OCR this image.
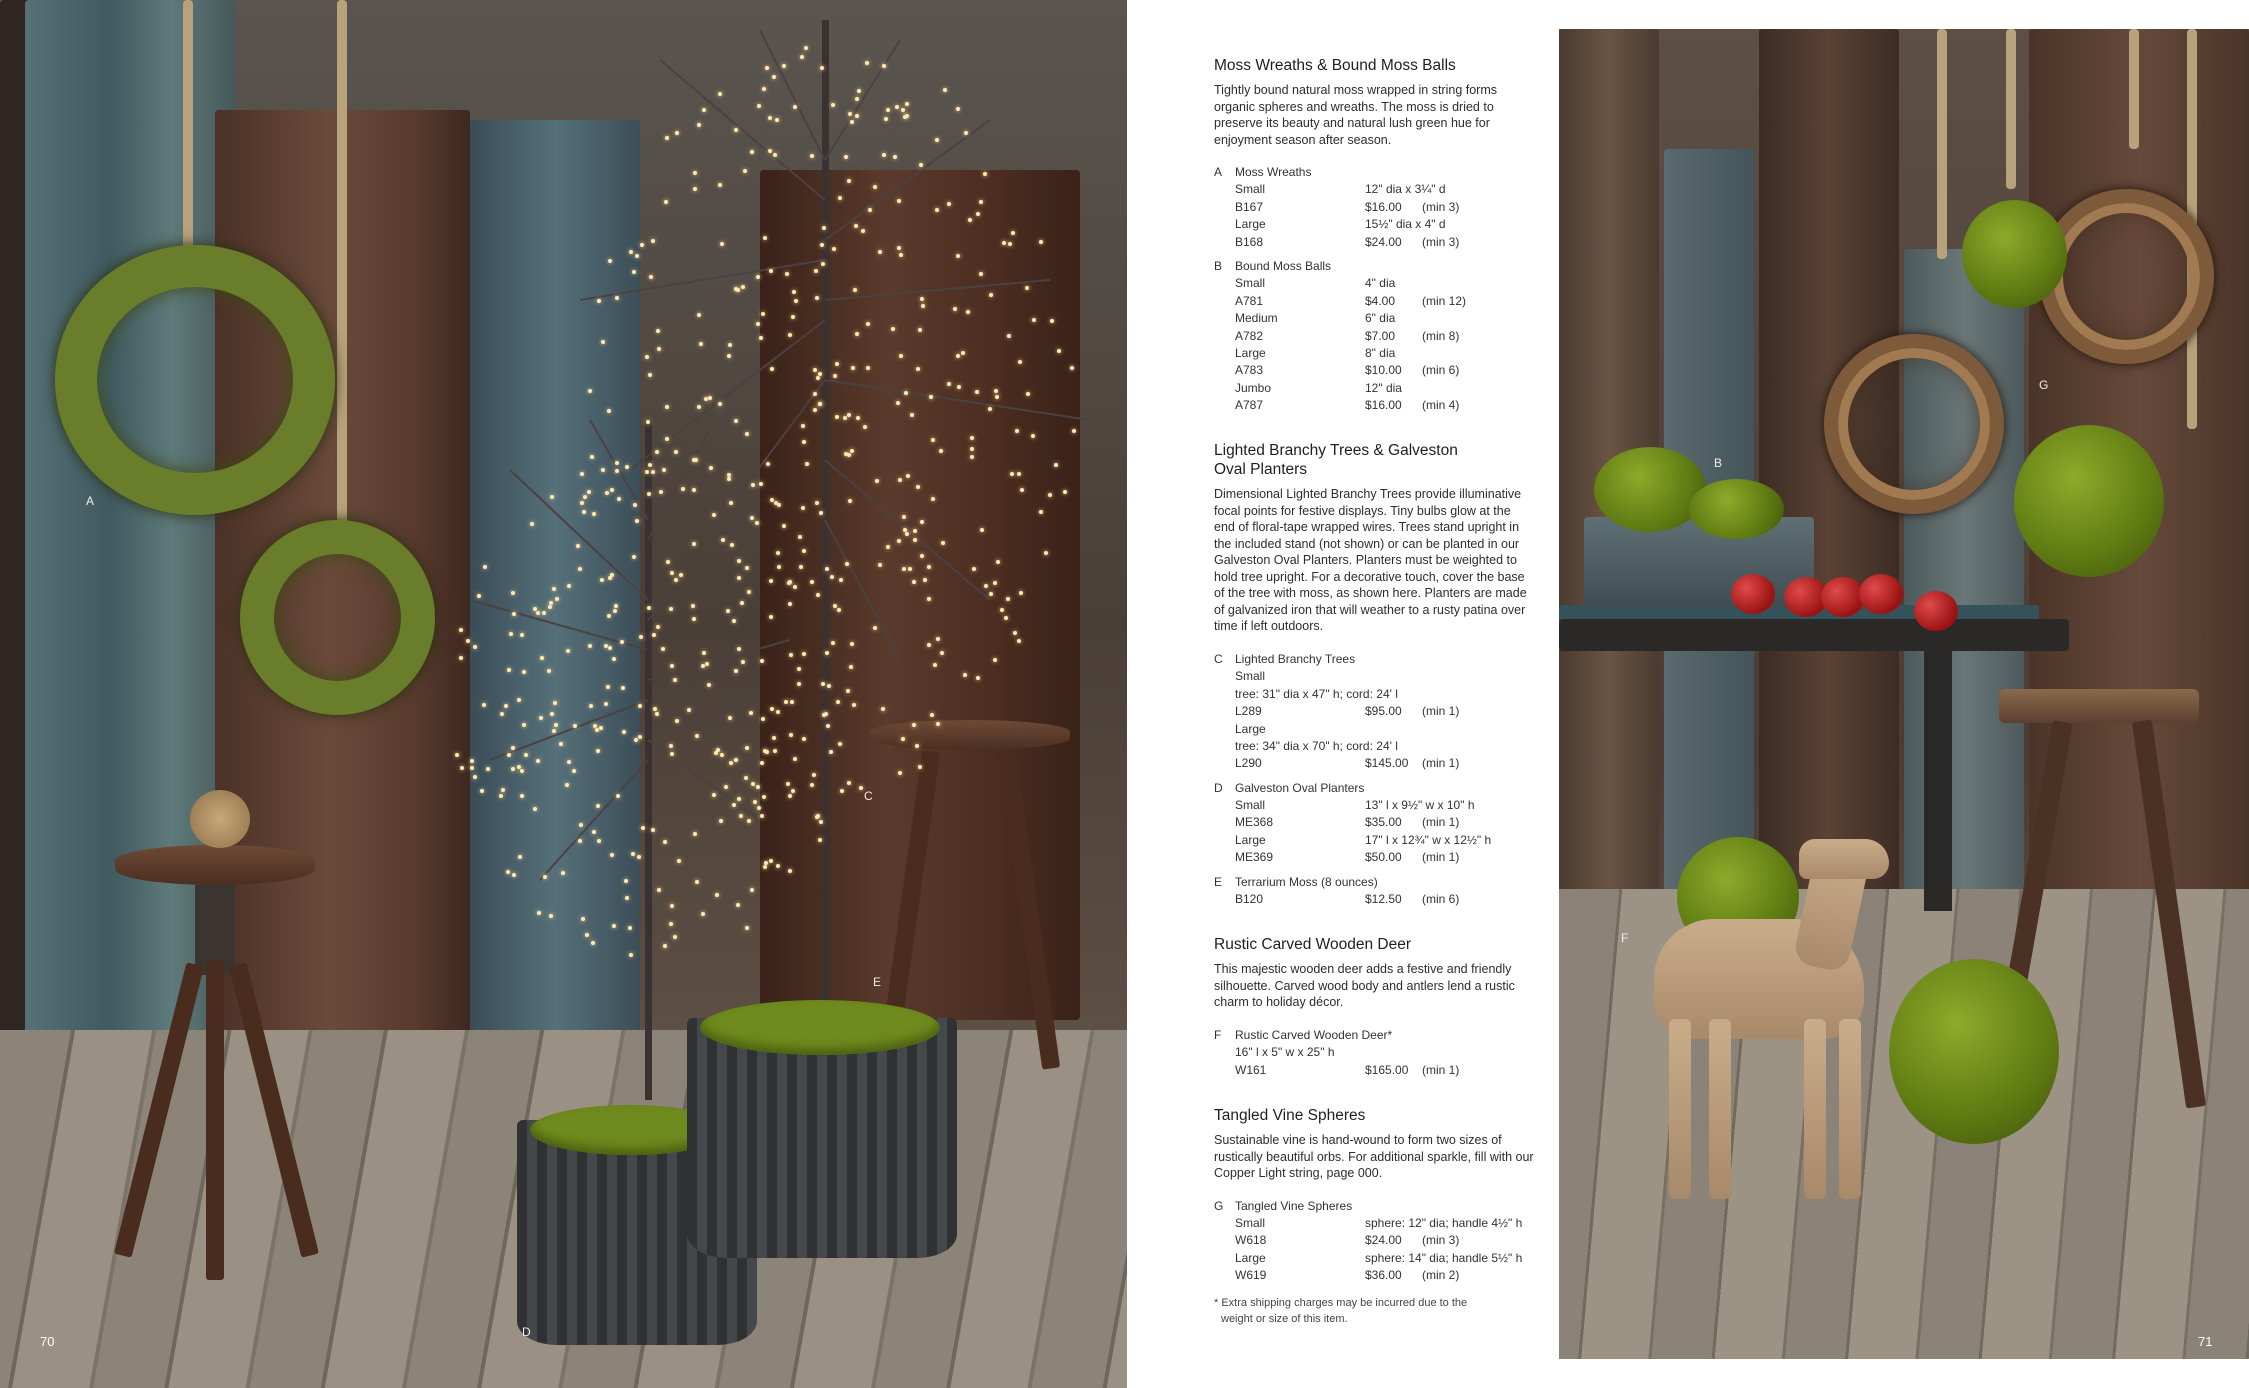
A
C
E
D
70
Moss Wreaths & Bound Moss Balls
Tightly bound natural moss wrapped in string forms organic spheres and wreaths. The moss is dried to preserve its beauty and natural lush green hue for enjoyment season after season.
A Moss Wreaths
Small	12" dia x 3¼" d
B167	$16.00 (min 3)
Large	15½" dia x 4" d
B168	$24.00 (min 3)
B Bound Moss Balls
Small	4" dia
A781	$4.00 (min 12)
Medium	6" dia
A782	$7.00 (min 8)
Large	8" dia
A783	$10.00 (min 6)
Jumbo	12" dia
A787	$16.00 (min 4)
Lighted Branchy Trees & Galveston
Oval Planters
Dimensional Lighted Branchy Trees provide illuminative focal points for festive displays. Tiny bulbs glow at the end of floral-tape wrapped wires. Trees stand upright in the included stand (not shown) or can be planted in our Galveston Oval Planters. Planters must be weighted to hold tree upright. For a decorative touch, cover the base of the tree with moss, as shown here. Planters are made of galvanized iron that will weather to a rusty patina over time if left outdoors.
C Lighted Branchy Trees
Small
tree: 31" dia x 47" h; cord: 24' l
L289	$95.00 (min 1)
Large
tree: 34" dia x 70" h; cord: 24' l
L290	$145.00 (min 1)
D Galveston Oval Planters
Small	13" l x 9½" w x 10" h
ME368	$35.00 (min 1)
Large	17" l x 12¾" w x 12½" h
ME369	$50.00 (min 1)
E Terrarium Moss (8 ounces)
B120	$12.50 (min 6)
Rustic Carved Wooden Deer
This majestic wooden deer adds a festive and friendly silhouette. Carved wood body and antlers lend a rustic charm to holiday décor.
F Rustic Carved Wooden Deer*
16" l x 5" w x 25" h
W161	$165.00 (min 1)
Tangled Vine Spheres
Sustainable vine is hand-wound to form two sizes of rustically beautiful orbs. For additional sparkle, fill with our Copper Light string, page 000.
G Tangled Vine Spheres
Small	sphere: 12" dia; handle 4½" h
W618	$24.00 (min 3)
Large	sphere: 14" dia; handle 5½" h
W619	$36.00 (min 2)
* Extra shipping charges may be incurred due to the
weight or size of this item.
B
G
F
71
